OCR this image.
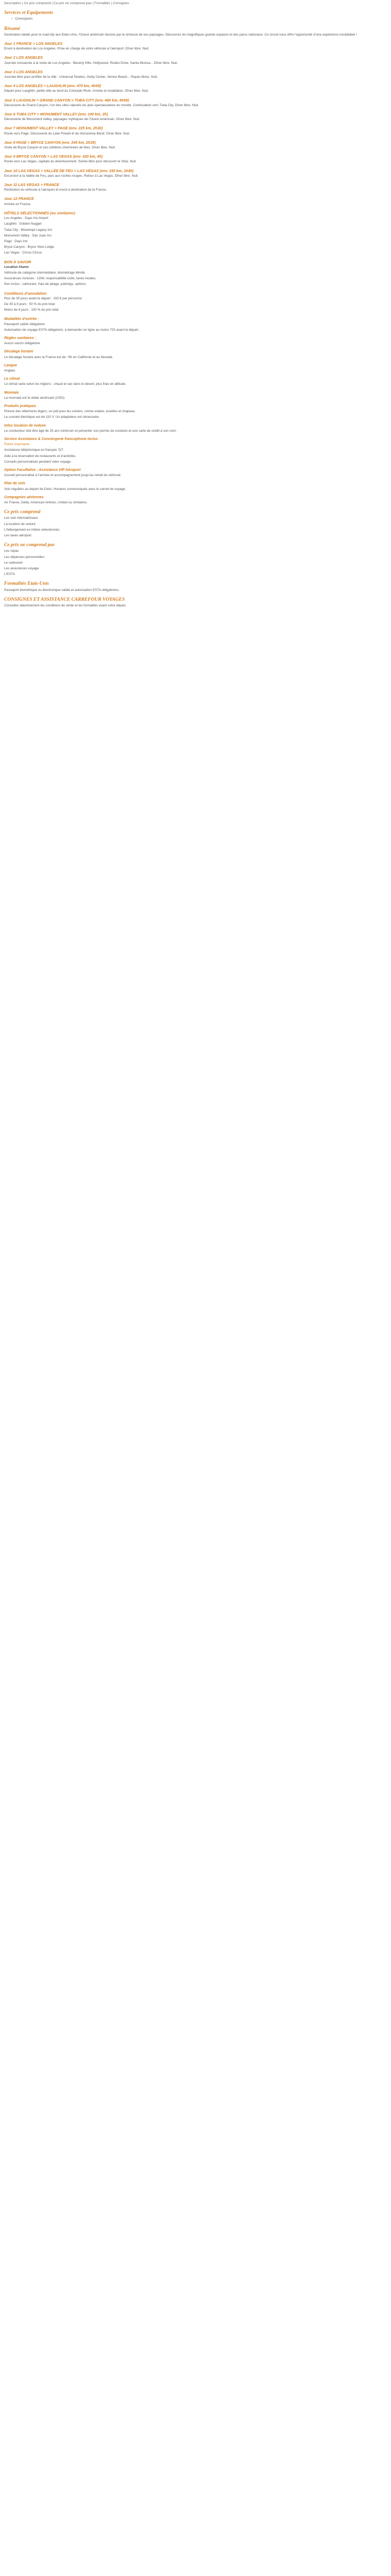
Description | Ce prix comprend | Ce prix ne comprend pas | Formalités | Consignes
Services et Equipements
• Convoyeurs
Résumé

Destination idéale pour le road-trip aux Etats-Unis, l’Ouest américain fascine par la richesse de ses paysages. Découvrez de magnifiques grands espaces et des parcs nationaux. Ce circuit vous offre l’opportunité d’une expérience inoubliable !

Jour 1 FRANCE > LOS ANGELES

Envol à destination de Los Angeles. Prise en charge de votre véhicule à l’aéroport. Dîner libre. Nuit.

Jour 2 LOS ANGELES

Journée consacrée à la visite de Los Angeles : Beverly Hills, Hollywood, Rodeo Drive, Santa Monica... Dîner libre. Nuit.

Jour 3 LOS ANGELES

Journée libre pour profiter de la ville : Universal Studios, Getty Center, Venice Beach... Repas libres. Nuit.

Jour 4 LOS ANGELES > LAUGHLIN (env. 470 km, 4h45)

Départ pour Laughlin, petite ville au bord du Colorado River. Arrivée et installation. Dîner libre. Nuit.

Jour 5 LAUGHLIN > GRAND CANYON > TUBA CITY (env. 460 km, 4h50)

Découverte du Grand Canyon, l’un des sites naturels les plus spectaculaires du monde. Continuation vers Tuba City. Dîner libre. Nuit.

Jour 6 TUBA CITY > MONUMENT VALLEY (env. 190 km, 2h)

Découverte de Monument Valley, paysages mythiques de l’Ouest américain. Dîner libre. Nuit.

Jour 7 MONUMENT VALLEY > PAGE (env. 225 km, 2h30)

Route vers Page. Découverte du Lake Powell et de Horseshoe Bend. Dîner libre. Nuit.

Jour 8 PAGE > BRYCE CANYON (env. 245 km, 2h35)

Visite de Bryce Canyon et ses célèbres cheminées de fées. Dîner libre. Nuit.

Jour 9 BRYCE CANYON > LAS VEGAS (env. 420 km, 4h)

Route vers Las Vegas, capitale du divertissement. Soirée libre pour découvrir le Strip. Nuit.

Jour 10 LAS VEGAS > VALLÉE DE FEU > LAS VEGAS (env. 150 km, 1h40)

Excursion à la Vallée de Feu, parc aux roches rouges. Retour à Las Vegas. Dîner libre. Nuit.

Jour 11 LAS VEGAS > FRANCE

Restitution du véhicule à l’aéroport et envol à destination de la France.

Jour 12 FRANCE

Arrivée en France.

HÔTELS SÉLECTIONNÉS (ou similaires)

Los Angeles : Days Inn Airport

Laughlin : Golden Nugget

Tuba City : Moenkopi Legacy Inn

Monument Valley : San Juan Inn

Page : Days Inn

Bryce Canyon : Bryce View Lodge

Las Vegas : Circus Circus

BON À SAVOIR

Location Alamo

Véhicule de catégorie intermédiaire, kilométrage illimité.

Assurances incluses : LDW, responsabilité civile, taxes locales.

Non inclus : carburant, frais de péage, parkings, options.

Conditions d’annulation

Plus de 30 jours avant le départ : 150 € par personne

De 30 à 8 jours : 50 % du prix total

Moins de 8 jours : 100 % du prix total

Modalités d’entrée :

Passeport valide obligatoire.

Autorisation de voyage ESTA obligatoire, à demander en ligne au moins 72h avant le départ.

Règles sanitaires :

Aucun vaccin obligatoire.

Décalage horaire

Le décalage horaire avec la France est de −9h en Californie et au Nevada.

Langue

Anglais.

Le climat

Le climat varie selon les régions : chaud et sec dans le désert, plus frais en altitude.

Monnaie

La monnaie est le dollar américain (USD).

Produits pratiques

Prévoir des vêtements légers, un pull pour les soirées, crème solaire, lunettes et chapeau.

Le courant électrique est de 110 V. Un adaptateur est nécessaire.

Infos location de voiture

Le conducteur doit être âgé de 25 ans minimum et présenter son permis de conduire et une carte de crédit à son nom.

Service Assistance & Conciergerie francophone inclus

Points importants

Assistance téléphonique en français 7j/7.

Aide à la réservation de restaurants et d’activités.

Conseils personnalisés pendant votre voyage.

Option Facultative : Assistance VIP Aéroport

Accueil personnalisé à l’arrivée et accompagnement jusqu’au retrait du véhicule.

Plan de vols

Vols réguliers au départ de Paris. Horaires communiqués avec le carnet de voyage.

Compagnies aériennes

Air France, Delta, American Airlines, United ou similaires.

Ce prix comprend

Les vols internationaux

La location de voiture

L’hébergement en hôtels sélectionnés

Les taxes aéroport

Ce prix ne comprend pas

Les repas

Les dépenses personnelles

Le carburant

Les assurances voyage

L’ESTA

Formalités Etats-Unis

Passeport biométrique ou électronique valide et autorisation ESTA obligatoires.

CONSIGNES ET ASSISTANCE CARREFOUR VOYAGES

Consultez attentivement les conditions de vente et les formalités avant votre départ.
